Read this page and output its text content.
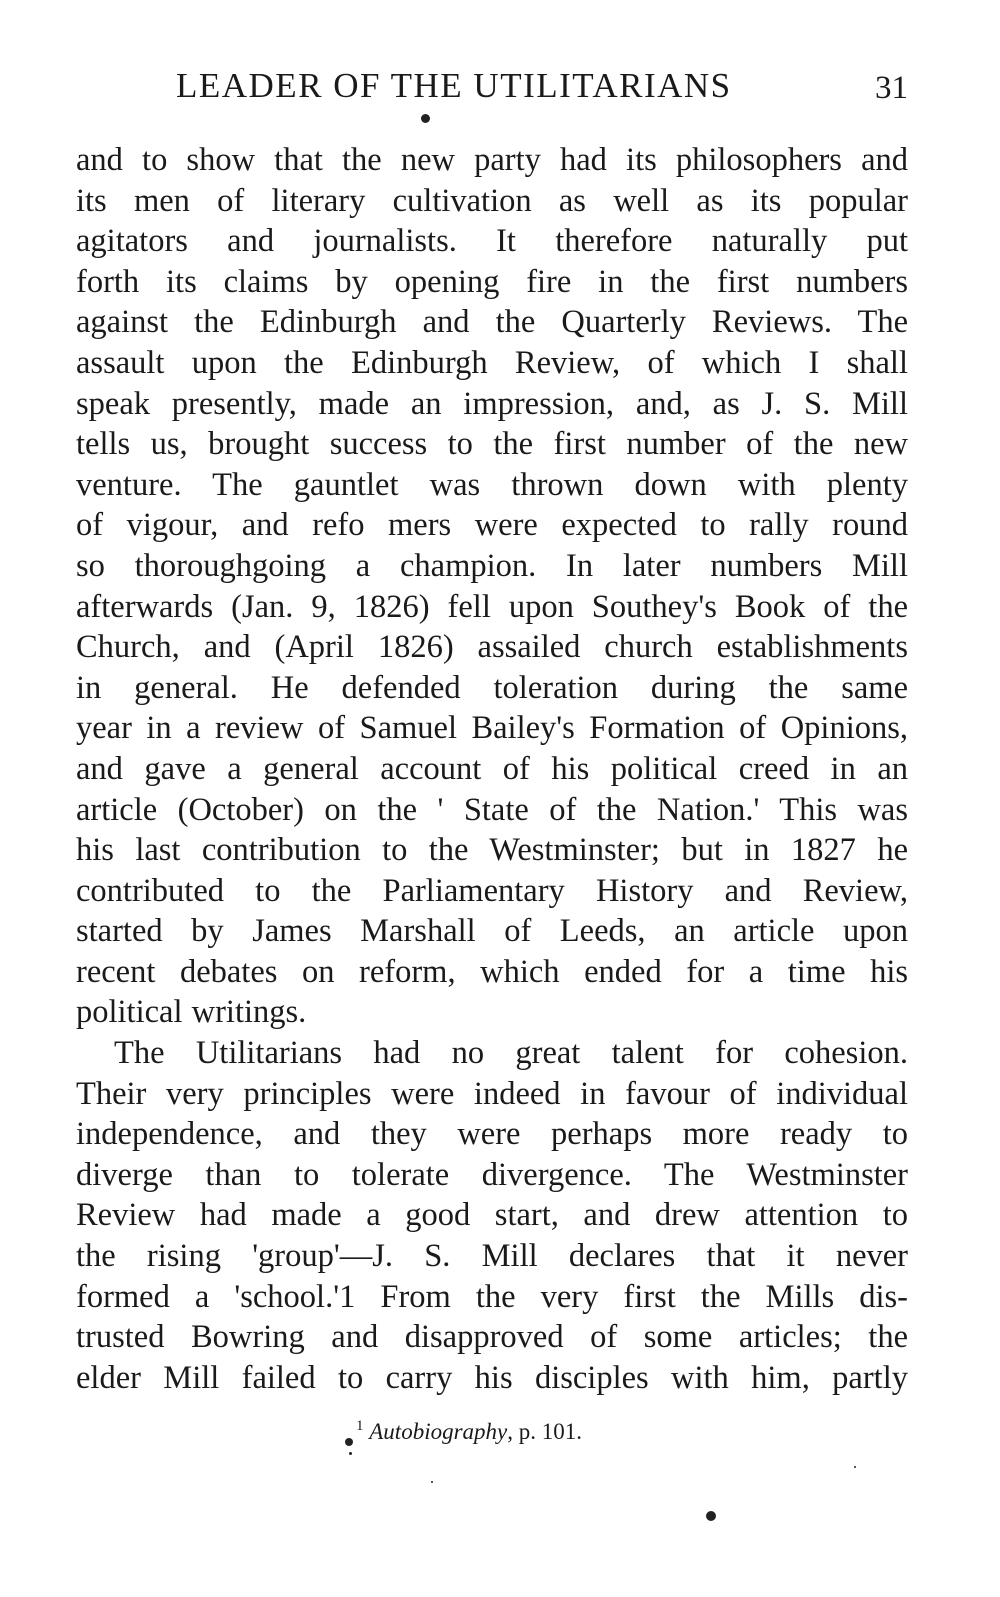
LEADER OF THE UTILITARIANS	31
and to show that the new party had its philosophers and
its men of literary cultivation as well as its popular
agitators and journalists. It therefore naturally put
forth its claims by opening fire in the first numbers
against the Edinburgh and the Quarterly Reviews. The
assault upon the Edinburgh Review, of which I shall
speak presently, made an impression, and, as J. S. Mill
tells us, brought success to the first number of the new
venture. The gauntlet was thrown down with plenty
of vigour, and refo mers were expected to rally round
so thoroughgoing a champion. In later numbers Mill
afterwards (Jan. 9, 1826) fell upon Southey's Book of the
Church, and (April 1826) assailed church establishments
in general. He defended toleration during the same
year in a review of Samuel Bailey's Formation of Opinions,
and gave a general account of his political creed in an
article (October) on the ' State of the Nation.' This was
his last contribution to the Westminster; but in 1827 he
contributed to the Parliamentary History and Review,
started by James Marshall of Leeds, an article upon
recent debates on reform, which ended for a time his
political writings.
The Utilitarians had no great talent for cohesion.
Their very principles were indeed in favour of individual
independence, and they were perhaps more ready to
diverge than to tolerate divergence. The Westminster
Review had made a good start, and drew attention to
the rising 'group'—J. S. Mill declares that it never
formed a 'school.'1 From the very first the Mills dis-
trusted Bowring and disapproved of some articles; the
elder Mill failed to carry his disciples with him, partly
$^1$ Autobiography, p. 101.
